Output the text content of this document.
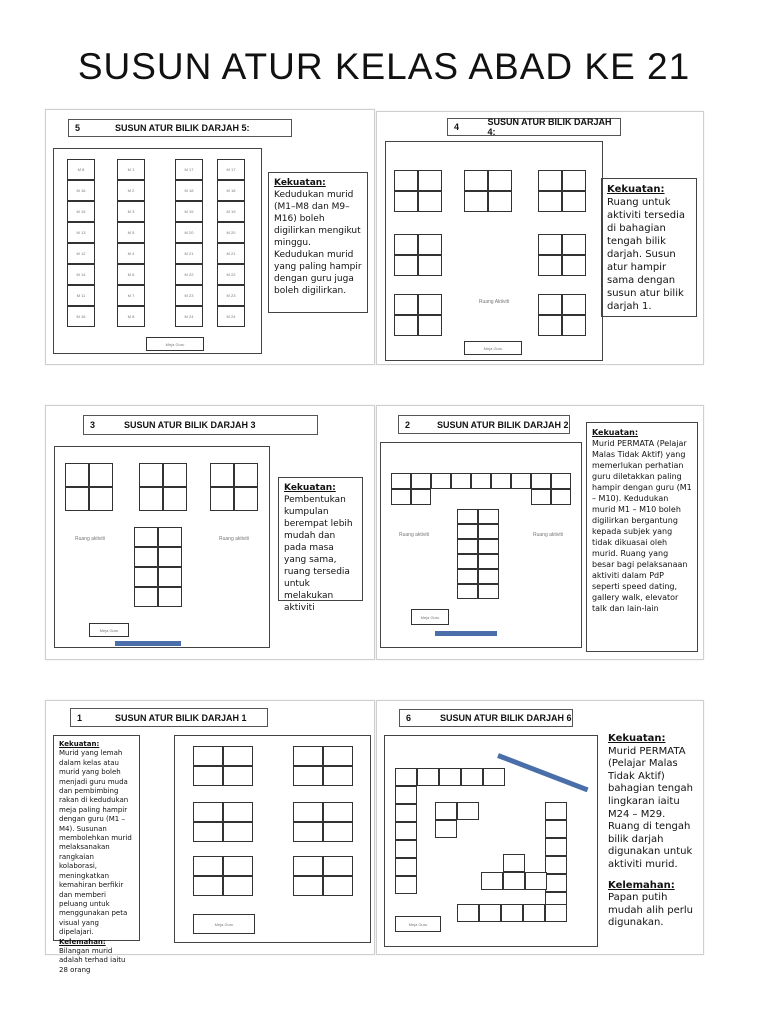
SUSUN ATUR KELAS ABAD KE 21
5	SUSUN ATUR BILIK DARJAH 5:
M 8
M 16
M 15
M 13
M 12
M 14
M 11
M 16
M 1
M 2
M 3
M 5
M 4
M 6
M 7
M 8
M 17
M 18
M 19
M 20
M 21
M 22
M 23
M 24
M 17
M 18
M 19
M 20
M 21
M 22
M 23
M 24
Meja Guru
Kekuatan:
Kedudukan murid (M1–M8 dan M9–M16) boleh digilirkan mengikut minggu. Kedudukan murid yang paling hampir dengan guru juga boleh digilirkan.
4	SUSUN ATUR BILIK DARJAH 4:
Ruang Aktiviti
Meja Guru
Kekuatan:
Ruang untuk aktiviti tersedia di bahagian tengah bilik darjah. Susun atur hampir sama dengan susun atur bilik darjah 1.
3	SUSUN ATUR BILIK DARJAH 3
Ruang aktiviti	Ruang aktiviti
Meja Guru
Kekuatan:
Pembentukan kumpulan berempat lebih mudah dan pada masa yang sama, ruang tersedia untuk melakukan aktiviti
2	SUSUN ATUR BILIK DARJAH 2
Ruang aktiviti	Ruang aktiviti
Meja Guru
Kekuatan:
Murid PERMATA (Pelajar Malas Tidak Aktif) yang memerlukan perhatian guru diletakkan paling hampir dengan guru (M1 – M10). Kedudukan murid M1 – M10 boleh digilirkan bergantung kepada subjek yang tidak dikuasai oleh murid. Ruang yang besar bagi pelaksanaan aktiviti dalam PdP seperti speed dating, gallery walk, elevator talk dan lain-lain
1	SUSUN ATUR BILIK DARJAH 1
Kekuatan:
Murid yang lemah dalam kelas atau murid yang boleh menjadi guru muda dan pembimbing rakan di kedudukan meja paling hampir dengan guru (M1 – M4). Susunan membolehkan murid melaksanakan rangkaian kolaborasi, meningkatkan kemahiran berfikir dan memberi peluang untuk menggunakan peta visual yang dipelajari.
Kelemahan:
Bilangan murid adalah terhad iaitu 28 orang
Meja Guru
6	SUSUN ATUR BILIK DARJAH 6
Meja Guru
Kekuatan:
Murid PERMATA (Pelajar Malas Tidak Aktif) bahagian tengah lingkaran iaitu M24 – M29. Ruang di tengah bilik darjah digunakan untuk aktiviti murid.
Kelemahan:
Papan putih mudah alih perlu digunakan.
